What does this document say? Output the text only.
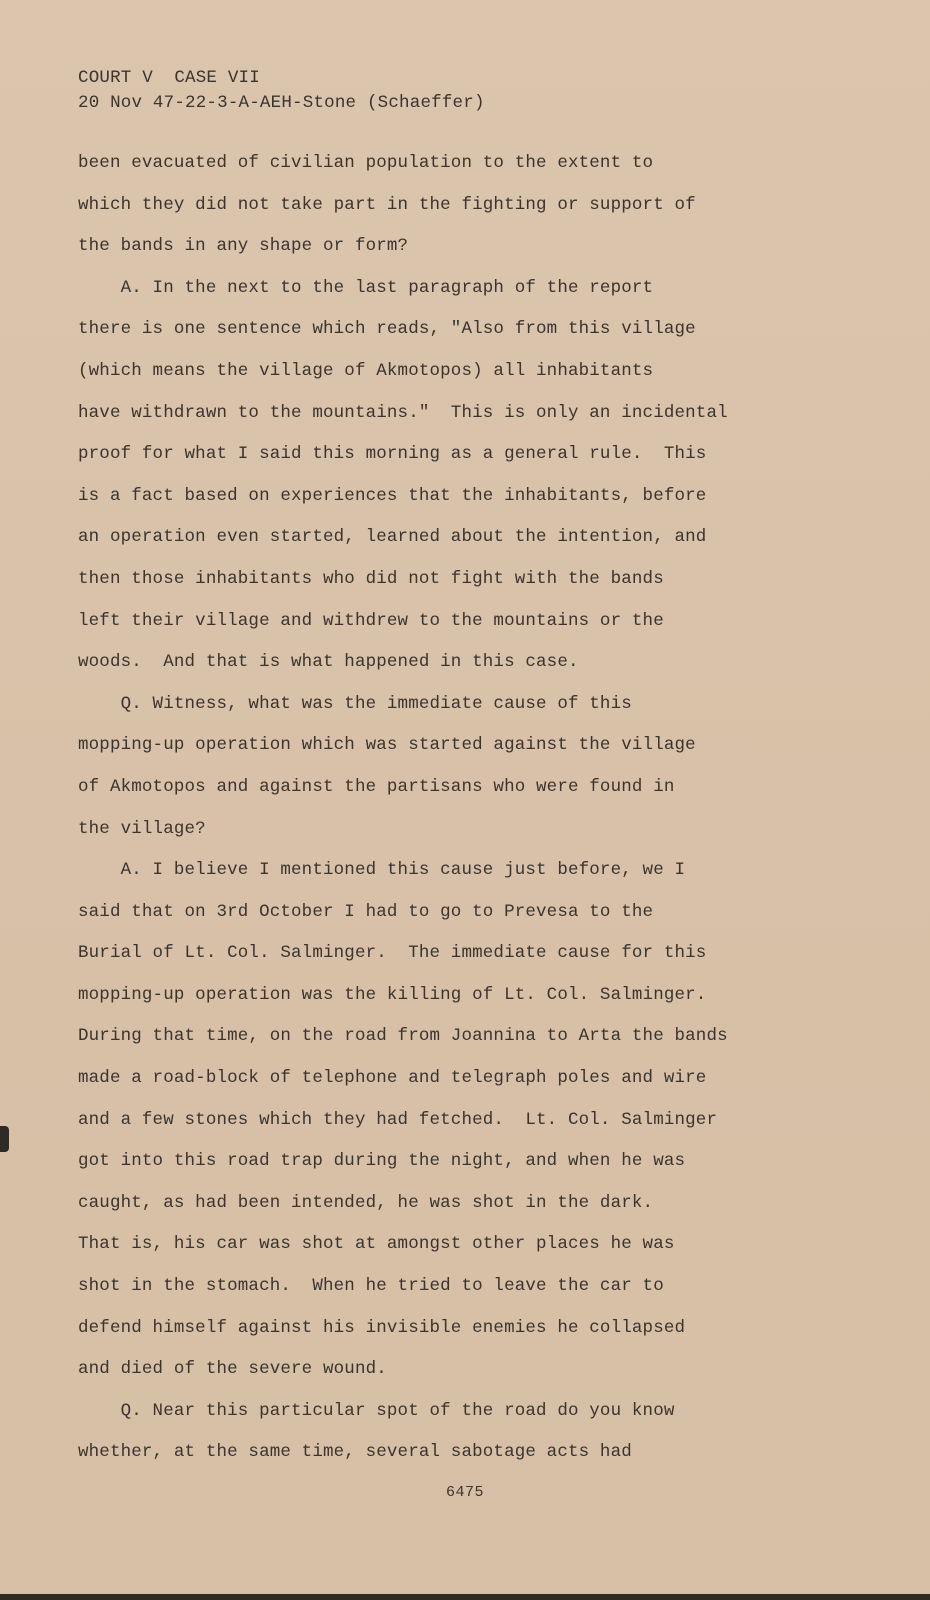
COURT V  CASE VII
20 Nov 47-22-3-A-AEH-Stone (Schaeffer)
been evacuated of civilian population to the extent to
which they did not take part in the fighting or support of
the bands in any shape or form?
A. In the next to the last paragraph of the report
there is one sentence which reads, "Also from this village
(which means the village of Akmotopos) all inhabitants
have withdrawn to the mountains."  This is only an incidental
proof for what I said this morning as a general rule.  This
is a fact based on experiences that the inhabitants, before
an operation even started, learned about the intention, and
then those inhabitants who did not fight with the bands
left their village and withdrew to the mountains or the
woods.  And that is what happened in this case.
Q. Witness, what was the immediate cause of this
mopping-up operation which was started against the village
of Akmotopos and against the partisans who were found in
the village?
A. I believe I mentioned this cause just before, we I
said that on 3rd October I had to go to Prevesa to the
Burial of Lt. Col. Salminger.  The immediate cause for this
mopping-up operation was the killing of Lt. Col. Salminger.
During that time, on the road from Joannina to Arta the bands
made a road-block of telephone and telegraph poles and wire
and a few stones which they had fetched.  Lt. Col. Salminger
got into this road trap during the night, and when he was
caught, as had been intended, he was shot in the dark.
That is, his car was shot at amongst other places he was
shot in the stomach.  When he tried to leave the car to
defend himself against his invisible enemies he collapsed
and died of the severe wound.
Q. Near this particular spot of the road do you know
whether, at the same time, several sabotage acts had
6475
